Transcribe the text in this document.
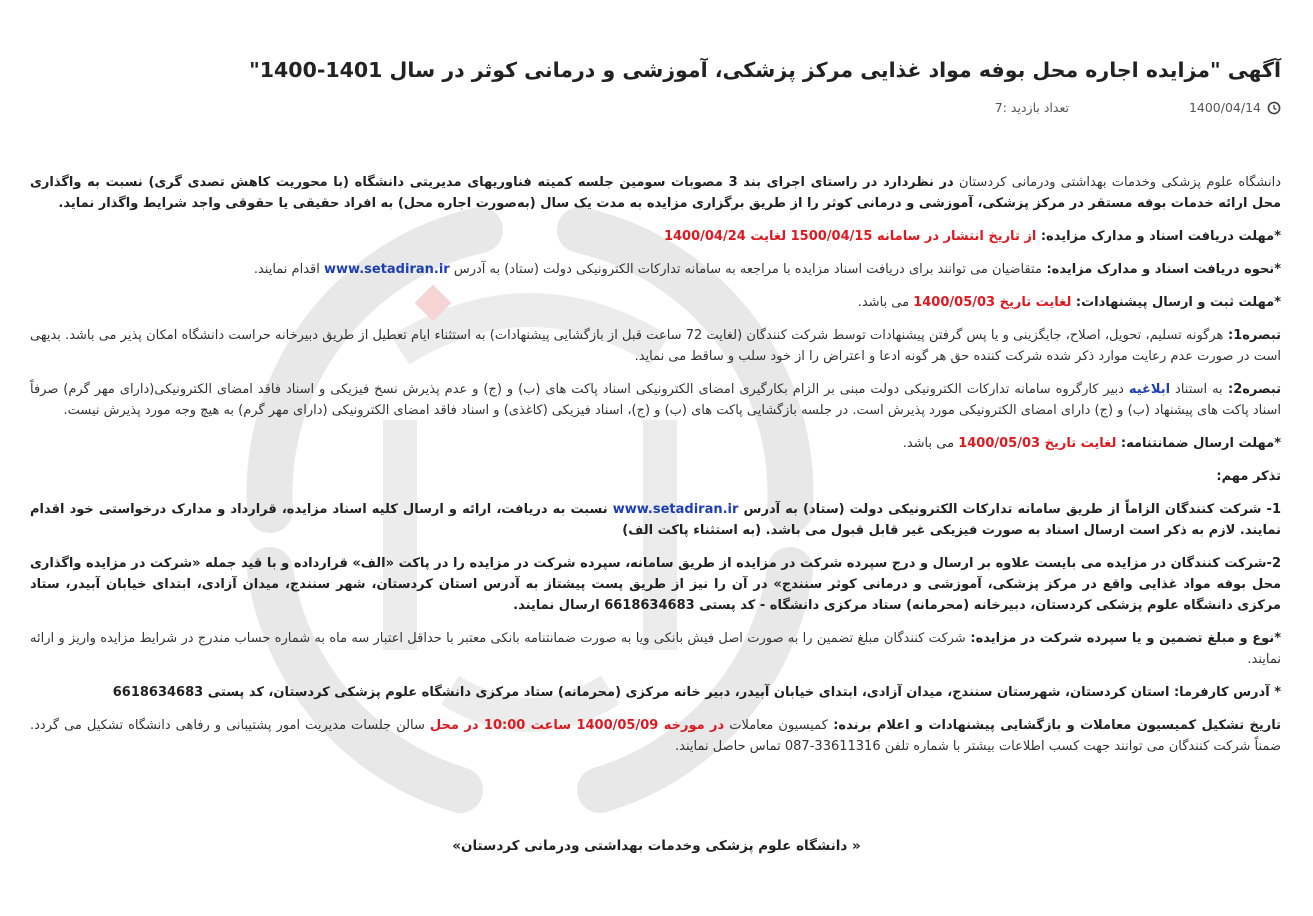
آگهی "مزایده اجاره محل بوفه مواد غذایی مرکز پزشکی، آموزشی و درمانی کوثر در سال 1401-1400"
1400/04/14
تعداد بازدید :7

دانشگاه علوم پزشکی وخدمات بهداشتی ودرمانی کردستان در نظردارد در راستای اجرای بند 3 مصوبات سومین جلسه کمیته فناوریهای مدیریتی دانشگاه (با محوریت کاهش تصدی گری) نسبت به واگذاری محل ارائه خدمات بوفه مستقر در مرکز پزشکی، آموزشی و درمانی کوثر را از طریق برگزاری مزایده به مدت یک سال (به‌صورت اجاره محل) به افراد حقیقی یا حقوقی واجد شرایط واگذار نماید.

*مهلت دریافت اسناد و مدارک مزایده: از تاریخ انتشار در سامانه 1500/04/15 لغایت 1400/04/24

*نحوه دریافت اسناد و مدارک مزایده: متقاضیان می توانند برای دریافت اسناد مزایده با مراجعه به سامانه تدارکات الکترونیکی دولت (ستاد) به آدرس www.setadiran.ir اقدام نمایند.

*مهلت ثبت و ارسال پیشنهادات: لغایت تاریخ 1400/05/03 می باشد.

تبصره1: هرگونه تسلیم، تحویل، اصلاح، جایگزینی و یا پس گرفتن پیشنهادات توسط شرکت کنندگان (لغایت 72 ساعت قبل از بازگشایی پیشنهادات) به استثناء ایام تعطیل از طریق دبیرخانه حراست دانشگاه امکان پذیر می باشد. بدیهی است در صورت عدم رعایت موارد ذکر شده شرکت کننده حق هر گونه ادعا و اعتراض را از خود سلب و ساقط می نماید.

تبصره2: به استناد ابلاغیه دبیر کارگروه سامانه تدارکات الکترونیکی دولت مبنی بر الزام بکارگیری امضای الکترونیکی اسناد پاکت های (ب) و (ج) و عدم پذیرش نسخ فیزیکی و اسناد فاقد امضای الکترونیکی(دارای مهر گرم) صرفاً اسناد پاکت های پیشنهاد (ب) و (ج) دارای امضای الکترونیکی مورد پذیرش است. در جلسه بازگشایی پاکت های (ب) و (ج)، اسناد فیزیکی (کاغذی) و اسناد فاقد امضای الکترونیکی (دارای مهر گرم) به هیچ وجه مورد پذیرش نیست.

*مهلت ارسال ضمانتنامه: لغایت تاریخ 1400/05/03 می باشد.

تذکر مهم:

1- شرکت کنندگان الزاماً از طریق سامانه تدارکات الکترونیکی دولت (ستاد) به آدرس www.setadiran.ir نسبت به دریافت، ارائه و ارسال کلیه اسناد مزایده، قرارداد و مدارک درخواستی خود اقدام نمایند. لازم به ذکر است ارسال اسناد به صورت فیزیکی غیر قابل قبول می باشد. (به استثناء پاکت الف)

2-شرکت کنندگان در مزایده می بایست علاوه بر ارسال و درج سپرده شرکت در مزایده از طریق سامانه، سپرده شرکت در مزایده را در پاکت «الف» قرارداده و با قید جمله «شرکت در مزایده واگذاری محل بوفه مواد غذایی واقع در مرکز پزشکی، آموزشی و درمانی کوثر سنندج» در آن را نیز از طریق پست پیشتاز به آدرس استان کردستان، شهر سنندج، میدان آزادی، ابتدای خیابان آبیدر، ستاد مرکزی دانشگاه علوم پزشکی کردستان، دبیرخانه (محرمانه) ستاد مرکزی دانشگاه - کد پستی 6618634683 ارسال نمایند.

*نوع و مبلغ تضمین و یا سپرده شرکت در مزایده: شرکت کنندگان مبلغ تضمین را به صورت اصل فیش بانکی ویا به صورت ضمانتنامه بانکی معتبر با حداقل اعتبار سه ماه به شماره حساب مندرج در شرایط مزایده واریز و ارائه نمایند.

* آدرس کارفرما: استان کردستان، شهرستان سنندج، میدان آزادی، ابتدای خیابان آبیدر، دبیر خانه مرکزی (محرمانه) ستاد مرکزی دانشگاه علوم پزشکی کردستان، کد پستی 6618634683

تاریخ تشکیل کمیسیون معاملات و بازگشایی پیشنهادات و اعلام برنده: کمیسیون معاملات در مورخه 1400/05/09 ساعت 10:00 در محل سالن جلسات مدیریت امور پشتیبانی و رفاهی دانشگاه تشکیل می گردد. ضمناً شرکت کنندگان می توانند جهت کسب اطلاعات بیشتر با شماره تلفن 33611316-087 تماس حاصل نمایند.

« دانشگاه علوم پزشکی وخدمات بهداشتی ودرمانی کردستان»
